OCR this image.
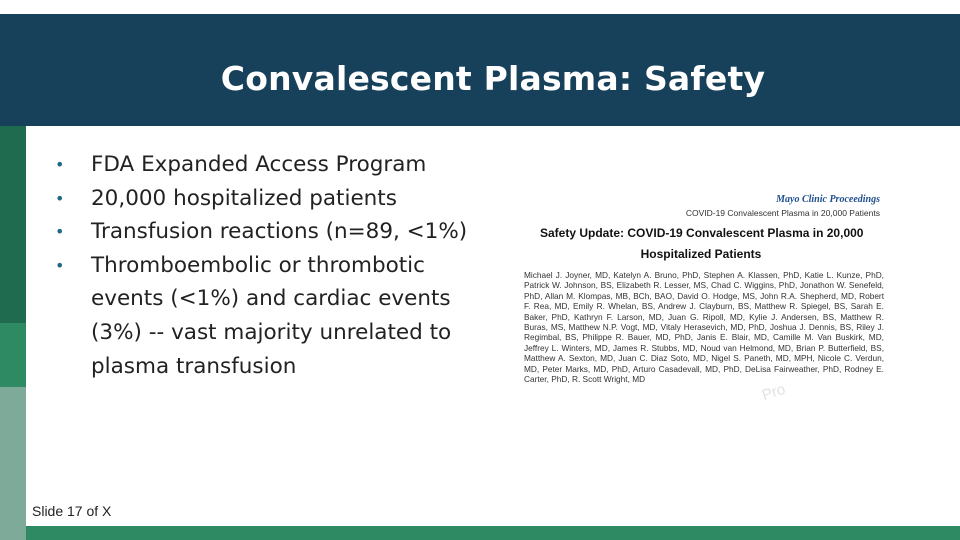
Convalescent Plasma: Safety
• FDA Expanded Access Program
• 20,000 hospitalized patients
• Transfusion reactions (n=89, <1%)
• Thromboembolic or thrombotic events (<1%) and cardiac events (3%) -- vast majority unrelated to plasma transfusion
Mayo Clinic Proceedings
COVID-19 Convalescent Plasma in 20,000 Patients
Safety Update: COVID-19 Convalescent Plasma in 20,000
Hospitalized Patients
Michael J. Joyner, MD, Katelyn A. Bruno, PhD, Stephen A. Klassen, PhD, Katie L. Kunze, PhD, Patrick W. Johnson, BS, Elizabeth R. Lesser, MS, Chad C. Wiggins, PhD, Jonathon W. Senefeld, PhD, Allan M. Klompas, MB, BCh, BAO, David O. Hodge, MS, John R.A. Shepherd, MD, Robert F. Rea, MD, Emily R. Whelan, BS, Andrew J. Clayburn, BS, Matthew R. Spiegel, BS, Sarah E. Baker, PhD, Kathryn F. Larson, MD, Juan G. Ripoll, MD, Kylie J. Andersen, BS, Matthew R. Buras, MS, Matthew N.P. Vogt, MD, Vitaly Herasevich, MD, PhD, Joshua J. Dennis, BS, Riley J. Regimbal, BS, Philippe R. Bauer, MD, PhD, Janis E. Blair, MD, Camille M. Van Buskirk, MD, Jeffrey L. Winters, MD, James R. Stubbs, MD, Noud van Helmond, MD, Brian P. Butterfield, BS, Matthew A. Sexton, MD, Juan C. Diaz Soto, MD, Nigel S. Paneth, MD, MPH, Nicole C. Verdun, MD, Peter Marks, MD, PhD, Arturo Casadevall, MD, PhD, DeLisa Fairweather, PhD, Rodney E. Carter, PhD, R. Scott Wright, MD
Pro
Slide 17 of X
